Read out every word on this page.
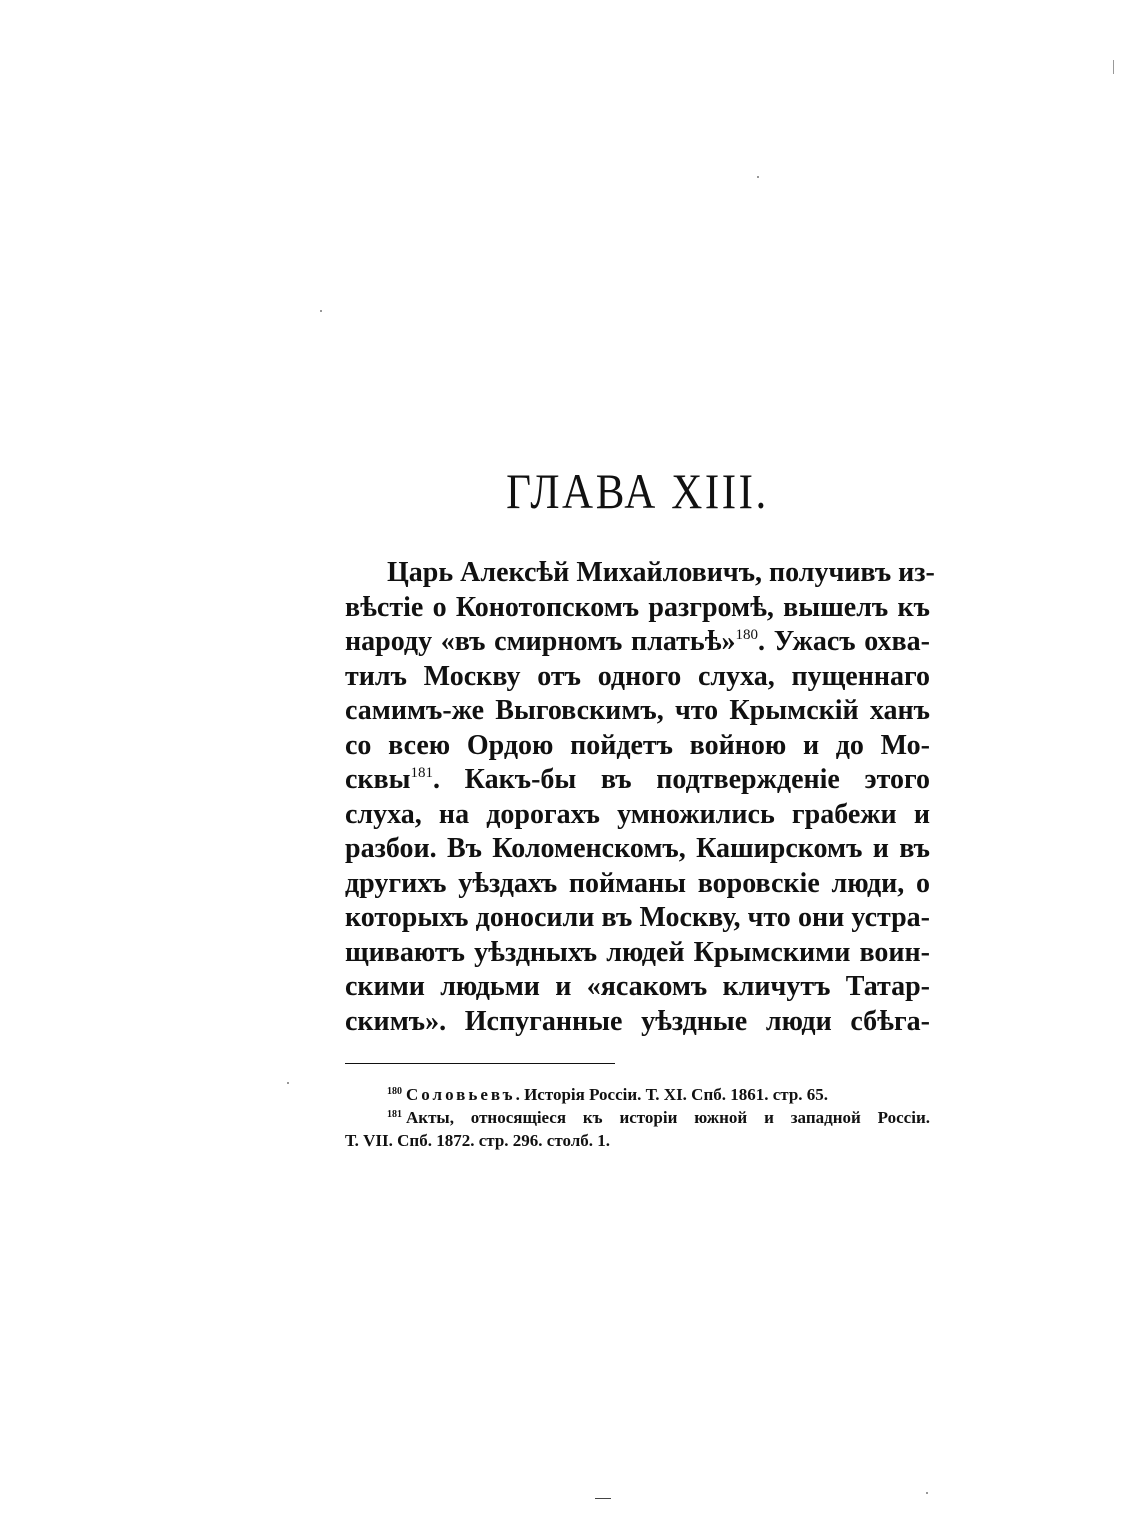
ГЛАВА XIII.
Царь Алексѣй Михайловичъ, получивъ из-
вѣстіе о Конотопскомъ разгромѣ, вышелъ къ
народу «въ смирномъ платьѣ»$^{180}$. Ужасъ охва-
тилъ Москву отъ одного слуха, пущеннаго
самимъ-же Выговскимъ, что Крымскій ханъ
со всею Ордою пойдетъ войною и до Мо-
сквы$^{181}$. Какъ-бы въ подтвержденіе этого
слуха, на дорогахъ умножились грабежи и
разбои. Въ Коломенскомъ, Каширскомъ и въ
другихъ уѣздахъ пойманы воровскіе люди, о
которыхъ доносили въ Москву, что они устра-
щиваютъ уѣздныхъ людей Крымскими воин-
скими людьми и «ясакомъ кличутъ Татар-
скимъ». Испуганные уѣздные люди сбѣга-
$^{180}$ Соловьевъ. Исторія Россіи. Т. XI. Спб. 1861. стр. 65.
$^{181}$ Акты, относящіеся къ исторіи южной и западной Россіи.
Т. VII. Спб. 1872. стр. 296. столб. 1.
